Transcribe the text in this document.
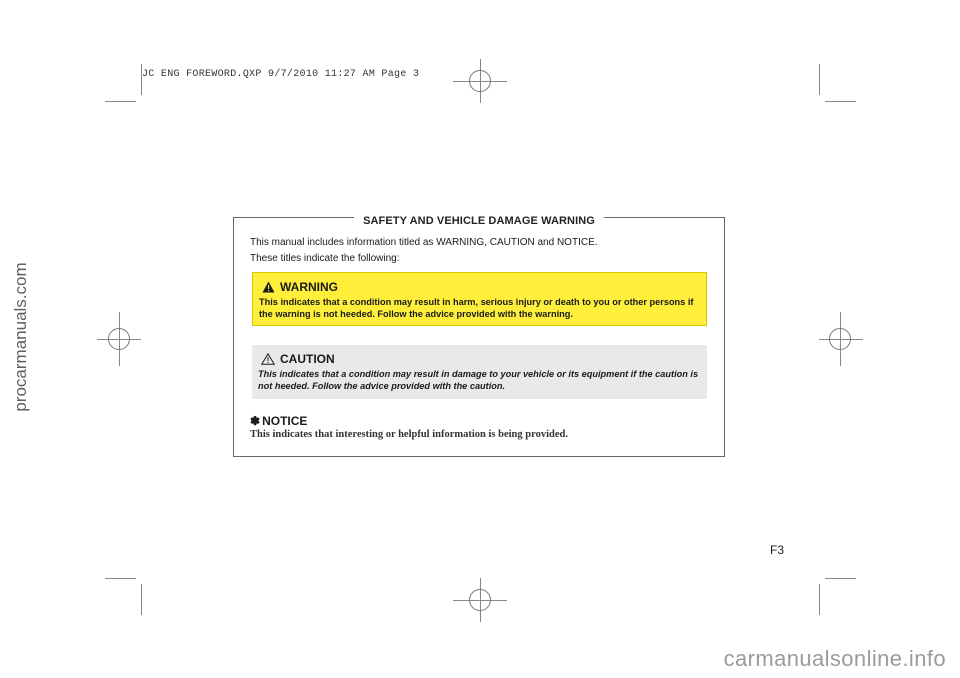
JC ENG FOREWORD.QXP 9/7/2010 11:27 AM Page 3
procarmanuals.com
SAFETY AND VEHICLE DAMAGE WARNING
This manual includes information titled as WARNING, CAUTION and NOTICE.
These titles indicate the following:
WARNING
This indicates that a condition may result in harm, serious injury or death to you or other persons if the warning is not heeded. Follow the advice provided with the warning.
CAUTION
This indicates that a condition may result in damage to your vehicle or its equipment if the caution is not heeded. Follow the advice provided with the caution.
✽ NOTICE
This indicates that interesting or helpful information is being provided.
F3
carmanualsonline.info
